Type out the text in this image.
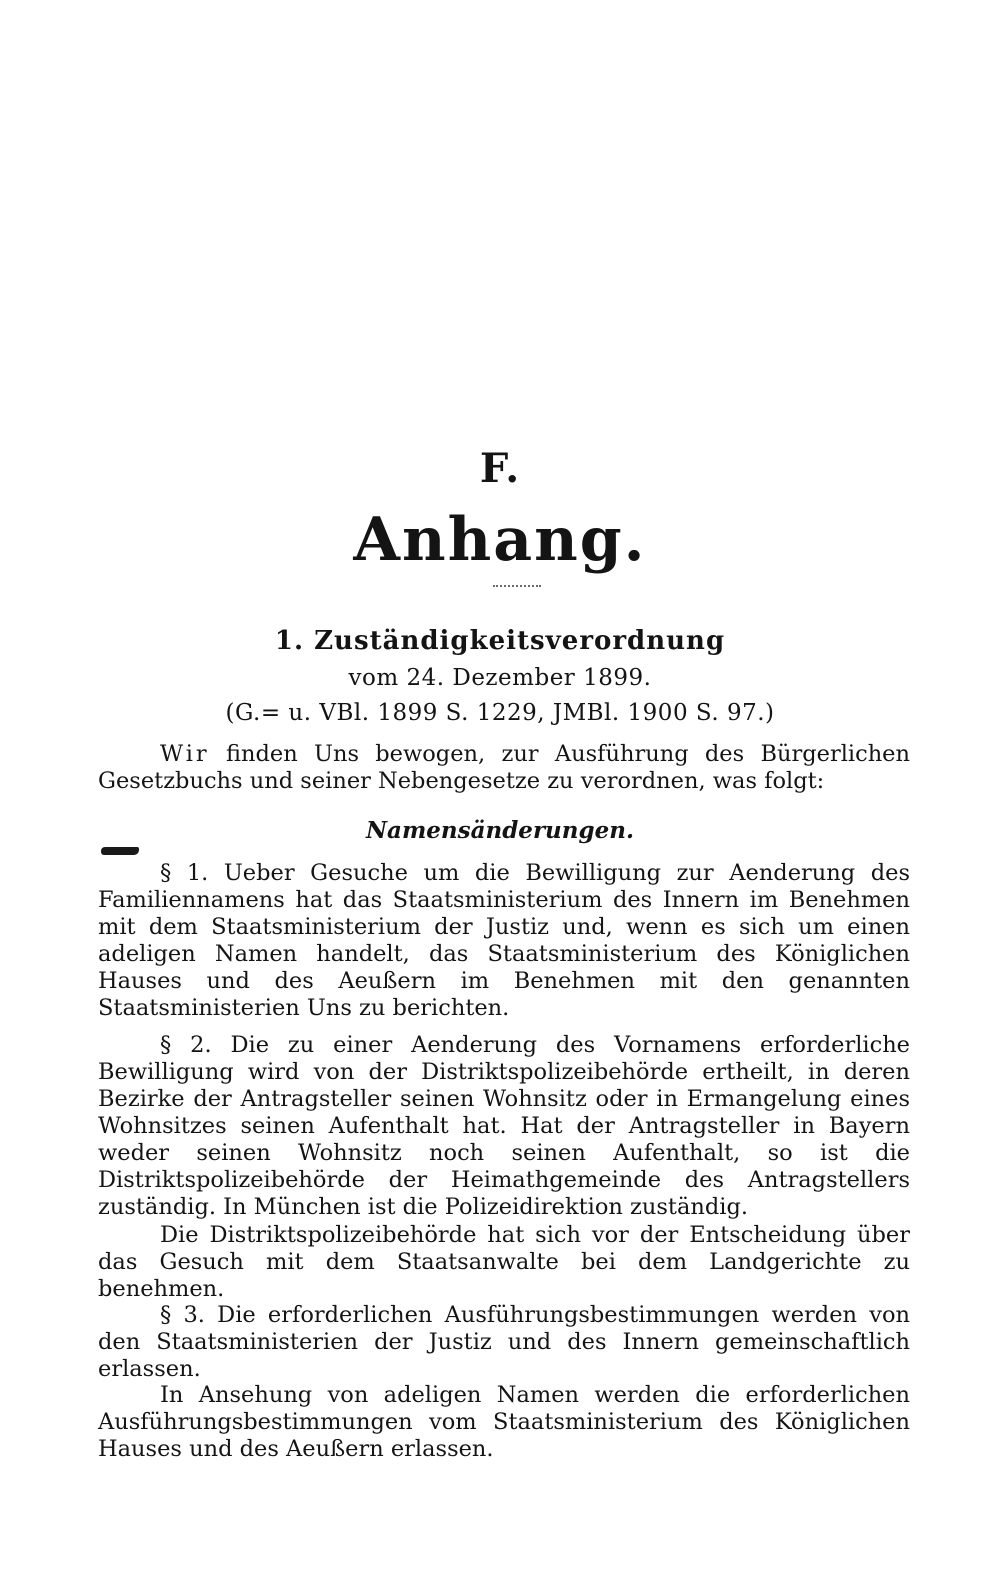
F.
Anhang.
1. Zuständigkeitsverordnung
vom 24. Dezember 1899.
(G.= u. VBl. 1899 S. 1229, JMBl. 1900 S. 97.)

Wir finden Uns bewogen, zur Ausführung des Bürgerlichen Gesetzbuchs und seiner Nebengesetze zu verordnen, was folgt:

Namensänderungen.

§ 1. Ueber Gesuche um die Bewilligung zur Aenderung des Familiennamens hat das Staatsministerium des Innern im Benehmen mit dem Staatsministerium der Justiz und, wenn es sich um einen adeligen Namen handelt, das Staatsministerium des Königlichen Hauses und des Aeußern im Benehmen mit den genannten Staatsministerien Uns zu berichten.

§ 2. Die zu einer Aenderung des Vornamens erforderliche Bewilligung wird von der Distriktspolizeibehörde ertheilt, in deren Bezirke der Antragsteller seinen Wohnsitz oder in Ermangelung eines Wohnsitzes seinen Aufenthalt hat. Hat der Antragsteller in Bayern weder seinen Wohnsitz noch seinen Aufenthalt, so ist die Distriktspolizeibehörde der Heimathgemeinde des Antragstellers zuständig. In München ist die Polizeidirektion zuständig.

Die Distriktspolizeibehörde hat sich vor der Entscheidung über das Gesuch mit dem Staatsanwalte bei dem Landgerichte zu benehmen.

§ 3. Die erforderlichen Ausführungsbestimmungen werden von den Staatsministerien der Justiz und des Innern gemeinschaftlich erlassen.

In Ansehung von adeligen Namen werden die erforderlichen Ausführungsbestimmungen vom Staatsministerium des Königlichen Hauses und des Aeußern erlassen.
